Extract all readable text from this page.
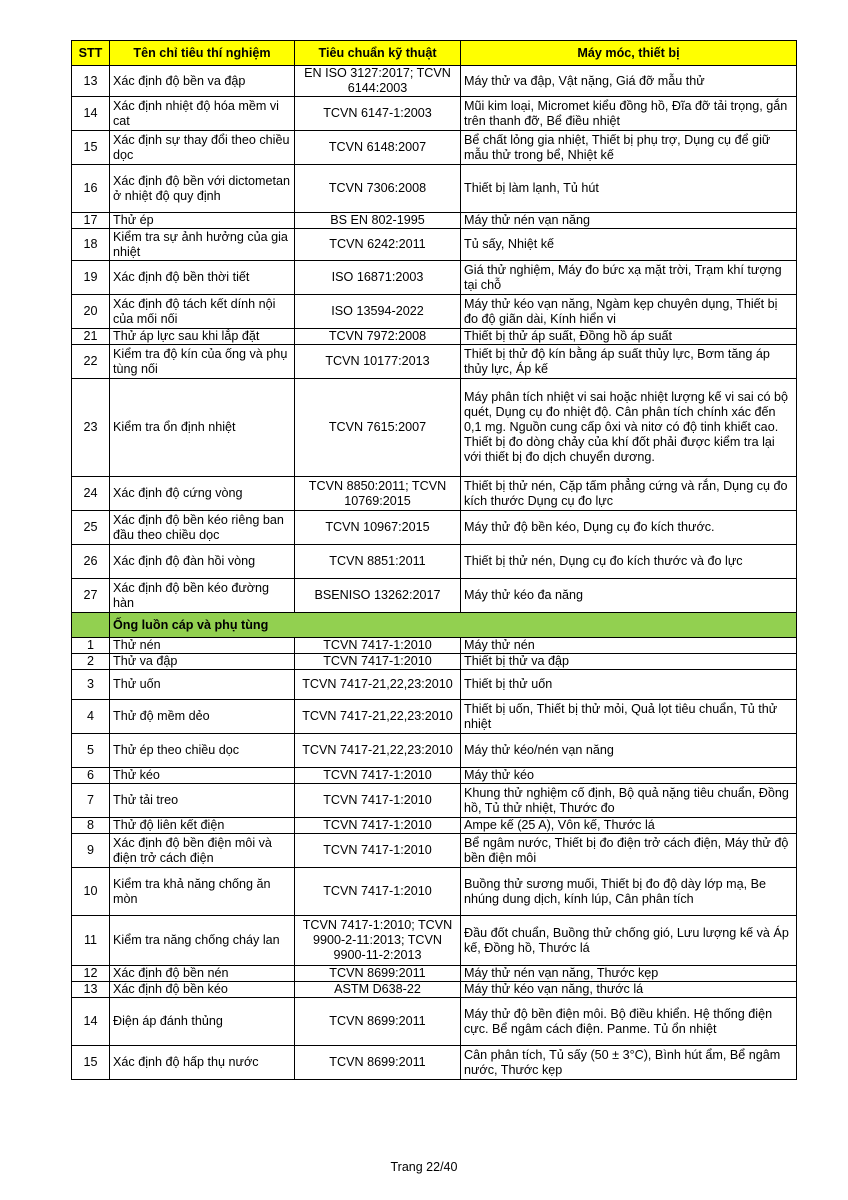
STT	Tên chỉ tiêu thí nghiệm	Tiêu chuẩn kỹ thuật	Máy móc, thiết bị
13	Xác định độ bền va đập	EN ISO 3127:2017; TCVN 6144:2003	Máy thử va đập, Vật nặng, Giá đỡ mẫu thử
14	Xác định nhiệt độ hóa mềm vi cat	TCVN 6147-1:2003	Mũi kim loại, Micromet kiểu đồng hồ, Đĩa đỡ tải trọng, gắn trên thanh đỡ, Bể điều nhiệt
15	Xác định sự thay đổi theo chiều dọc	TCVN 6148:2007	Bể chất lỏng gia nhiệt, Thiết bị phụ trợ, Dụng cụ để giữ mẫu thử trong bể, Nhiệt kế
16	Xác định độ bền với dictometan ở nhiệt độ quy định	TCVN 7306:2008	Thiết bị làm lạnh, Tủ hút
17	Thử ép	BS EN 802-1995	Máy thử nén vạn năng
18	Kiểm tra sự ảnh hưởng của gia nhiệt	TCVN 6242:2011	Tủ sấy, Nhiệt kế
19	Xác định độ bền thời tiết	ISO 16871:2003	Giá thử nghiệm, Máy đo bức xạ mặt trời, Trạm khí tượng tại chỗ
20	Xác định độ tách kết dính nội của mối nối	ISO 13594-2022	Máy thử kéo vạn năng, Ngàm kẹp chuyên dụng, Thiết bị đo độ giãn dài, Kính hiển vi
21	Thử áp lực sau khi lắp đặt	TCVN 7972:2008	Thiết bị thử áp suất, Đồng hồ áp suất
22	Kiểm tra độ kín của ống và phụ tùng nối	TCVN 10177:2013	Thiết bị thử độ kín bằng áp suất thủy lực, Bơm tăng áp thủy lực, Áp kế
23	Kiểm tra ổn định nhiệt	TCVN 7615:2007	Máy phân tích nhiệt vi sai hoặc nhiệt lượng kế vi sai có bộ quét, Dụng cụ đo nhiệt độ. Cân phân tích chính xác đến 0,1 mg. Nguồn cung cấp ôxi và nitơ có độ tinh khiết cao. Thiết bị đo dòng chảy của khí đốt phải được kiểm tra lại với thiết bị đo dịch chuyển dương.
24	Xác định độ cứng vòng	TCVN 8850:2011; TCVN 10769:2015	Thiết bị thử nén, Cặp tấm phẳng cứng và rắn, Dụng cụ đo kích thước Dụng cụ đo lực
25	Xác định độ bền kéo riêng ban đầu theo chiều dọc	TCVN 10967:2015	Máy thử độ bền kéo, Dụng cụ đo kích thước.
26	Xác định độ đàn hồi vòng	TCVN 8851:2011	Thiết bị thử nén, Dụng cụ đo kích thước và đo lực
27	Xác định độ bền kéo đường hàn	BSENISO 13262:2017	Máy thử kéo đa năng
	Ống luồn cáp và phụ tùng		
1	Thử nén	TCVN 7417-1:2010	Máy thử nén
2	Thử va đập	TCVN 7417-1:2010	Thiết bị thử va đập
3	Thử uốn	TCVN 7417-21,22,23:2010	Thiết bị thử uốn
4	Thử độ mềm dẻo	TCVN 7417-21,22,23:2010	Thiết bị uốn, Thiết bị thử mỏi, Quả lọt tiêu chuẩn, Tủ thử nhiệt
5	Thử ép theo chiều dọc	TCVN 7417-21,22,23:2010	Máy thử kéo/nén vạn năng
6	Thử kéo	TCVN 7417-1:2010	Máy thử kéo
7	Thử tải treo	TCVN 7417-1:2010	Khung thử nghiệm cố định, Bộ quả nặng tiêu chuẩn, Đồng hồ, Tủ thử nhiệt, Thước đo
8	Thử độ liên kết điện	TCVN 7417-1:2010	Ampe kế (25 A), Vôn kế, Thước lá
9	Xác định độ bền điện môi và điện trở cách điện	TCVN 7417-1:2010	Bể ngâm nước, Thiết bị đo điện trở cách điện, Máy thử độ bền điện môi
10	Kiểm tra khả năng chống ăn mòn	TCVN 7417-1:2010	Buồng thử sương muối, Thiết bị đo độ dày lớp mạ, Be nhúng dung dịch, kính lúp, Cân phân tích
11	Kiểm tra năng chống cháy lan	TCVN 7417-1:2010; TCVN 9900-2-11:2013; TCVN 9900-11-2:2013	Đầu đốt chuẩn, Buồng thử chống gió, Lưu lượng kế và Áp kế, Đồng hồ, Thước lá
12	Xác định độ bền nén	TCVN 8699:2011	Máy thử nén vạn năng, Thước kẹp
13	Xác định độ bền kéo	ASTM D638-22	Máy thử kéo vạn năng, thước lá
14	Điện áp đánh thủng	TCVN 8699:2011	Máy thử độ bền điện môi. Bộ điều khiển. Hệ thống điện cực. Bể ngâm cách điện. Panme. Tủ ổn nhiệt
15	Xác định độ hấp thụ nước	TCVN 8699:2011	Cân phân tích, Tủ sấy (50 ± 3°C), Bình hút ẩm, Bể ngâm nước, Thước kẹp
Trang 22/40
